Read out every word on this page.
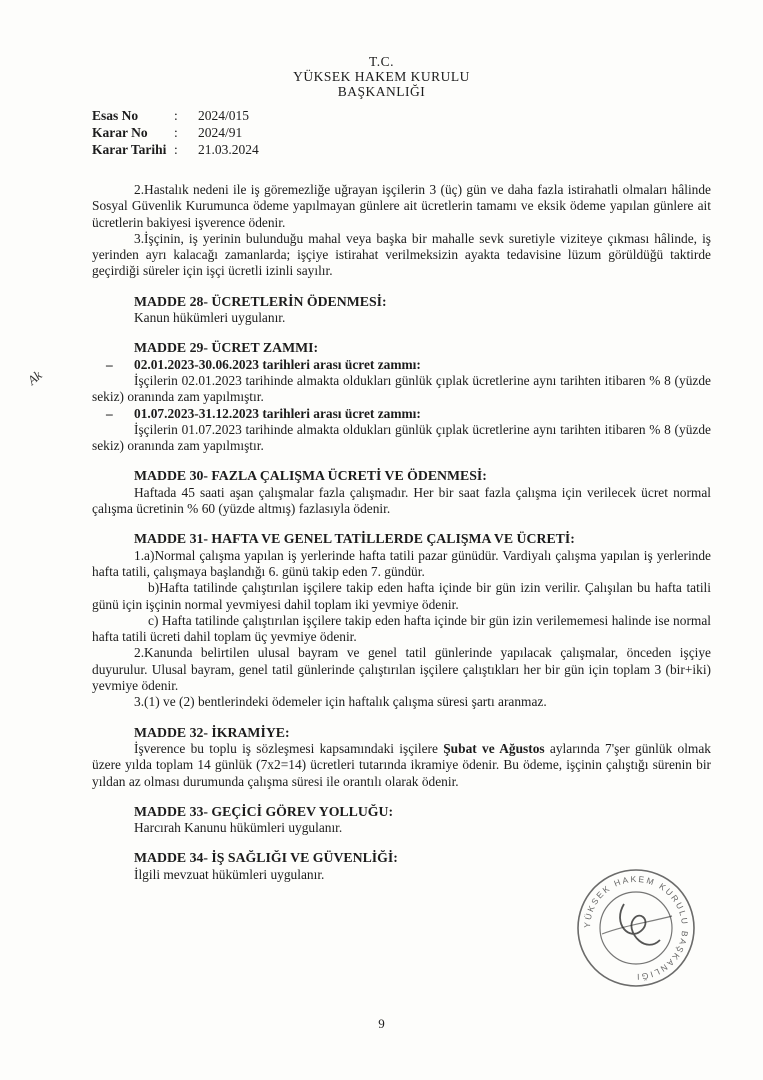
T.C.
YÜKSEK HAKEM KURULU
BAŞKANLIĞI
Esas No	:	2024/015
Karar No	:	2024/91
Karar Tarihi :	21.03.2024
Ak

2.Hastalık nedeni ile iş göremezliğe uğrayan işçilerin 3 (üç) gün ve daha fazla istirahatli olmaları hâlinde Sosyal Güvenlik Kurumunca ödeme yapılmayan günlere ait ücretlerin tamamı ve eksik ödeme yapılan günlere ait ücretlerin bakiyesi işverence ödenir.

3.İşçinin, iş yerinin bulunduğu mahal veya başka bir mahalle sevk suretiyle viziteye çıkması hâlinde, iş yerinden ayrı kalacağı zamanlarda; işçiye istirahat verilmeksizin ayakta tedavisine lüzum görüldüğü taktirde geçirdiği süreler için işçi ücretli izinli sayılır.

MADDE 28- ÜCRETLERİN ÖDENMESİ:

Kanun hükümleri uygulanır.

MADDE 29- ÜCRET ZAMMI:

– 02.01.2023-30.06.2023 tarihleri arası ücret zammı:

İşçilerin 02.01.2023 tarihinde almakta oldukları günlük çıplak ücretlerine aynı tarihten itibaren % 8 (yüzde sekiz) oranında zam yapılmıştır.

– 01.07.2023-31.12.2023 tarihleri arası ücret zammı:

İşçilerin 01.07.2023 tarihinde almakta oldukları günlük çıplak ücretlerine aynı tarihten itibaren % 8 (yüzde sekiz) oranında zam yapılmıştır.

MADDE 30- FAZLA ÇALIŞMA ÜCRETİ VE ÖDENMESİ:

Haftada 45 saati aşan çalışmalar fazla çalışmadır. Her bir saat fazla çalışma için verilecek ücret normal çalışma ücretinin % 60 (yüzde altmış) fazlasıyla ödenir.

MADDE 31- HAFTA VE GENEL TATİLLERDE ÇALIŞMA VE ÜCRETİ:

1.a)Normal çalışma yapılan iş yerlerinde hafta tatili pazar günüdür. Vardiyalı çalışma yapılan iş yerlerinde hafta tatili, çalışmaya başlandığı 6. günü takip eden 7. gündür.

b)Hafta tatilinde çalıştırılan işçilere takip eden hafta içinde bir gün izin verilir. Çalışılan bu hafta tatili günü için işçinin normal yevmiyesi dahil toplam iki yevmiye ödenir.

c) Hafta tatilinde çalıştırılan işçilere takip eden hafta içinde bir gün izin verilememesi halinde ise normal hafta tatili ücreti dahil toplam üç yevmiye ödenir.

2.Kanunda belirtilen ulusal bayram ve genel tatil günlerinde yapılacak çalışmalar, önceden işçiye duyurulur. Ulusal bayram, genel tatil günlerinde çalıştırılan işçilere çalıştıkları her bir gün için toplam 3 (bir+iki) yevmiye ödenir.

3.(1) ve (2) bentlerindeki ödemeler için haftalık çalışma süresi şartı aranmaz.

MADDE 32- İKRAMİYE:

İşverence bu toplu iş sözleşmesi kapsamındaki işçilere Şubat ve Ağustos aylarında 7'şer günlük olmak üzere yılda toplam 14 günlük (7x2=14) ücretleri tutarında ikramiye ödenir. Bu ödeme, işçinin çalıştığı sürenin bir yıldan az olması durumunda çalışma süresi ile orantılı olarak ödenir.

MADDE 33- GEÇİCİ GÖREV YOLLUĞU:

Harcırah Kanunu hükümleri uygulanır.

MADDE 34- İŞ SAĞLIĞI VE GÜVENLİĞİ:

İlgili mevzuat hükümleri uygulanır.

YÜKSEK HAKEM KURULU BAŞKANLIĞI
9
